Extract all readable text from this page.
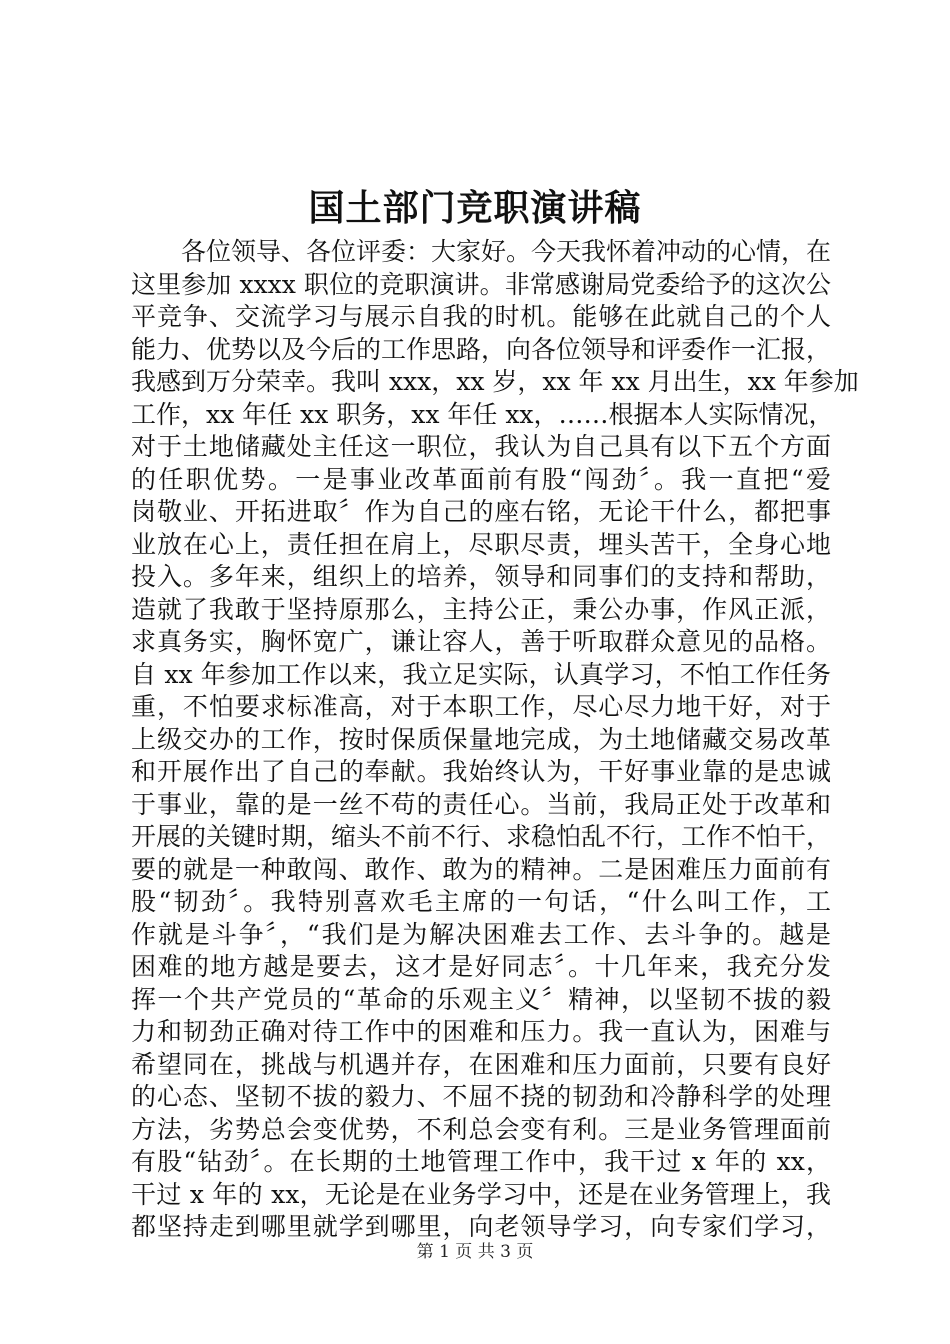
国土部门竞职演讲稿
各位领导、各位评委：大家好。今天我怀着冲动的心情，在
这里参加 xxxx 职位的竞职演讲。非常感谢局党委给予的这次公
平竞争、交流学习与展示自我的时机。能够在此就自己的个人
能力、优势以及今后的工作思路，向各位领导和评委作一汇报，
我感到万分荣幸。我叫 xxx，xx 岁，xx 年 xx 月出生，xx 年参加
工作，xx 年任 xx 职务，xx 年任 xx，……根据本人实际情况，
对于土地储藏处主任这一职位，我认为自己具有以下五个方面
的任职优势。一是事业改革面前有股“闯劲〞。我一直把“爱
岗敬业、开拓进取〞作为自己的座右铭，无论干什么，都把事
业放在心上，责任担在肩上，尽职尽责，埋头苦干，全身心地
投入。多年来，组织上的培养，领导和同事们的支持和帮助，
造就了我敢于坚持原那么，主持公正，秉公办事，作风正派，
求真务实，胸怀宽广，谦让容人，善于听取群众意见的品格。
自 xx 年参加工作以来，我立足实际，认真学习，不怕工作任务
重，不怕要求标准高，对于本职工作，尽心尽力地干好，对于
上级交办的工作，按时保质保量地完成，为土地储藏交易改革
和开展作出了自己的奉献。我始终认为，干好事业靠的是忠诚
于事业，靠的是一丝不苟的责任心。当前，我局正处于改革和
开展的关键时期，缩头不前不行、求稳怕乱不行，工作不怕干，
要的就是一种敢闯、敢作、敢为的精神。二是困难压力面前有
股“韧劲〞。我特别喜欢毛主席的一句话，“什么叫工作，工
作就是斗争〞，“我们是为解决困难去工作、去斗争的。越是
困难的地方越是要去，这才是好同志〞。十几年来，我充分发
挥一个共产党员的“革命的乐观主义〞精神，以坚韧不拔的毅
力和韧劲正确对待工作中的困难和压力。我一直认为，困难与
希望同在，挑战与机遇并存，在困难和压力面前，只要有良好
的心态、坚韧不拔的毅力、不屈不挠的韧劲和冷静科学的处理
方法，劣势总会变优势，不利总会变有利。三是业务管理面前
有股“钻劲〞。在长期的土地管理工作中，我干过 x 年的 xx，
干过 x 年的 xx，无论是在业务学习中，还是在业务管理上，我
都坚持走到哪里就学到哪里，向老领导学习，向专家们学习，
第 1 页 共 3 页
